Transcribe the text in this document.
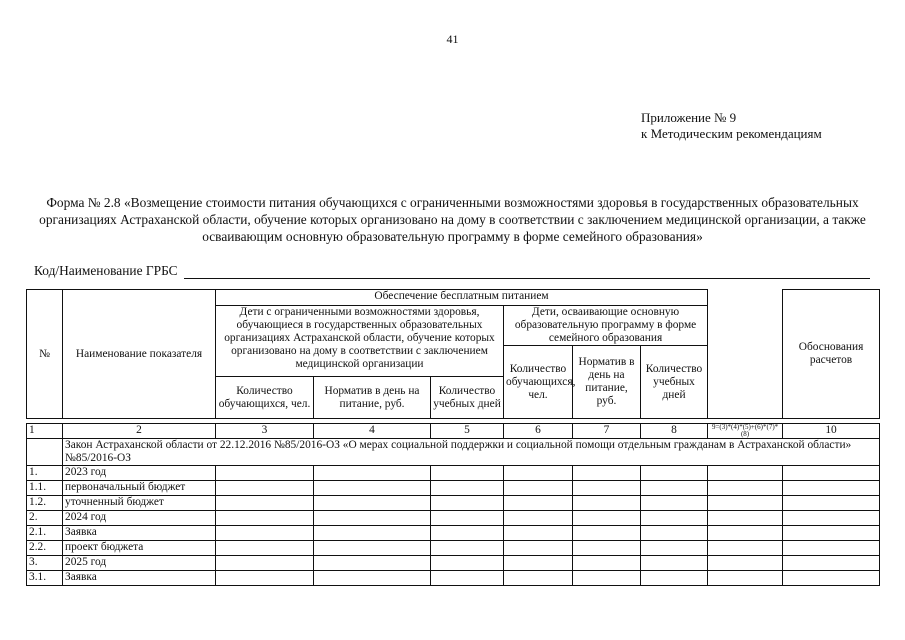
41
Приложение № 9
к Методическим рекомендациям
Форма № 2.8 «Возмещение стоимости питания обучающихся с ограниченными возможностями здоровья в государственных образовательных организациях Астраханской области, обучение которых организовано на дому в соответствии с заключением медицинской организации, а также осваивающим основную образовательную программу в форме семейного образования»
Код/Наименование ГРБС
№	Наименование показателя	Обеспечение бесплатным питанием							Обоснования расчетов
		Дети с ограниченными возможностями здоровья, обучающиеся в государственных образовательных организациях Астраханской области, обучение которых организовано на дому в соответствии с заключением медицинской организации			Дети, осваивающие основную образовательную программу в форме семейного образования				
					Количество обучающихся, чел.	Норматив в день на питание, руб.	Количество учебных дней		
		Количество обучающихся, чел.	Норматив в день на питание, руб.	Количество учебных дней					

1	2	3	4	5	6	7	8	9=(3)*(4)*(5)+(6)*(7)*(8)	10
	Закон Астраханской области от 22.12.2016 №85/2016-ОЗ «О мерах социальной поддержки и социальной помощи отдельным гражданам в Астраханской области» №85/2016-ОЗ								
1.	2023 год								
1.1.	первоначальный бюджет								
1.2.	уточненный бюджет								
2.	2024 год								
2.1.	Заявка								
2.2.	проект бюджета								
3.	2025 год								
3.1.	Заявка								
